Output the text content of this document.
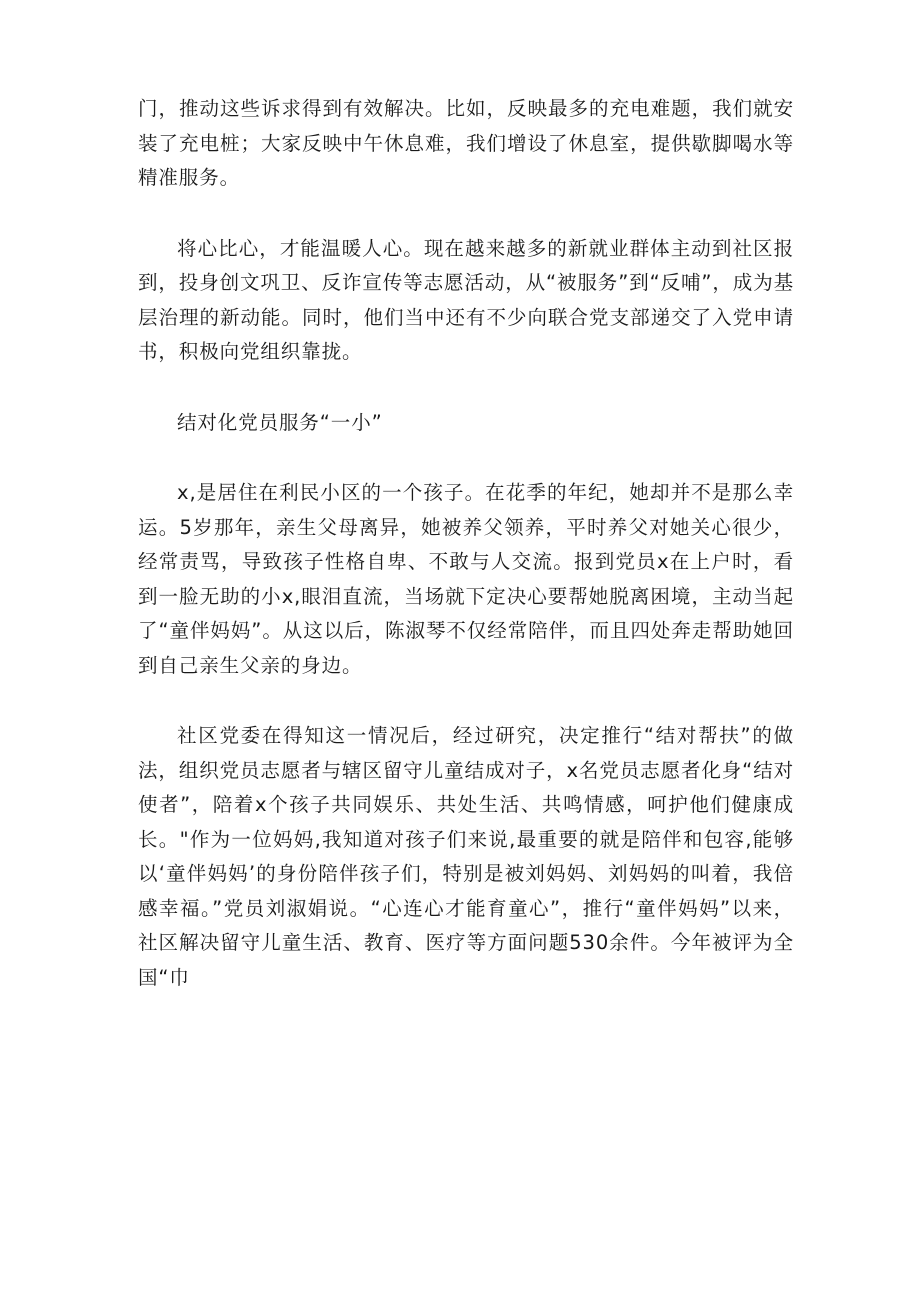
门，推动这些诉求得到有效解决。比如，反映最多的充电难题，我们就安装了充电桩；大家反映中午休息难，我们增设了休息室，提供歇脚喝水等精准服务。

将心比心，才能温暖人心。现在越来越多的新就业群体主动到社区报到，投身创文巩卫、反诈宣传等志愿活动，从“被服务”到“反哺”，成为基层治理的新动能。同时，他们当中还有不少向联合党支部递交了入党申请书，积极向党组织靠拢。

结对化党员服务“一小”

x,是居住在利民小区的一个孩子。在花季的年纪，她却并不是那么幸运。5岁那年，亲生父母离异，她被养父领养，平时养父对她关心很少，经常责骂，导致孩子性格自卑、不敢与人交流。报到党员x在上户时，看到一脸无助的小x,眼泪直流，当场就下定决心要帮她脱离困境，主动当起了“童伴妈妈”。从这以后，陈淑琴不仅经常陪伴，而且四处奔走帮助她回到自己亲生父亲的身边。

社区党委在得知这一情况后，经过研究，决定推行“结对帮扶”的做法，组织党员志愿者与辖区留守儿童结成对子，x名党员志愿者化身“结对使者”，陪着x个孩子共同娱乐、共处生活、共鸣情感，呵护他们健康成长。"作为一位妈妈,我知道对孩子们来说,最重要的就是陪伴和包容,能够以‘童伴妈妈’的身份陪伴孩子们，特别是被刘妈妈、刘妈妈的叫着，我倍感幸福。”党员刘淑娟说。“心连心才能育童心”，推行“童伴妈妈”以来，社区解决留守儿童生活、教育、医疗等方面问题530余件。今年被评为全国“巾
